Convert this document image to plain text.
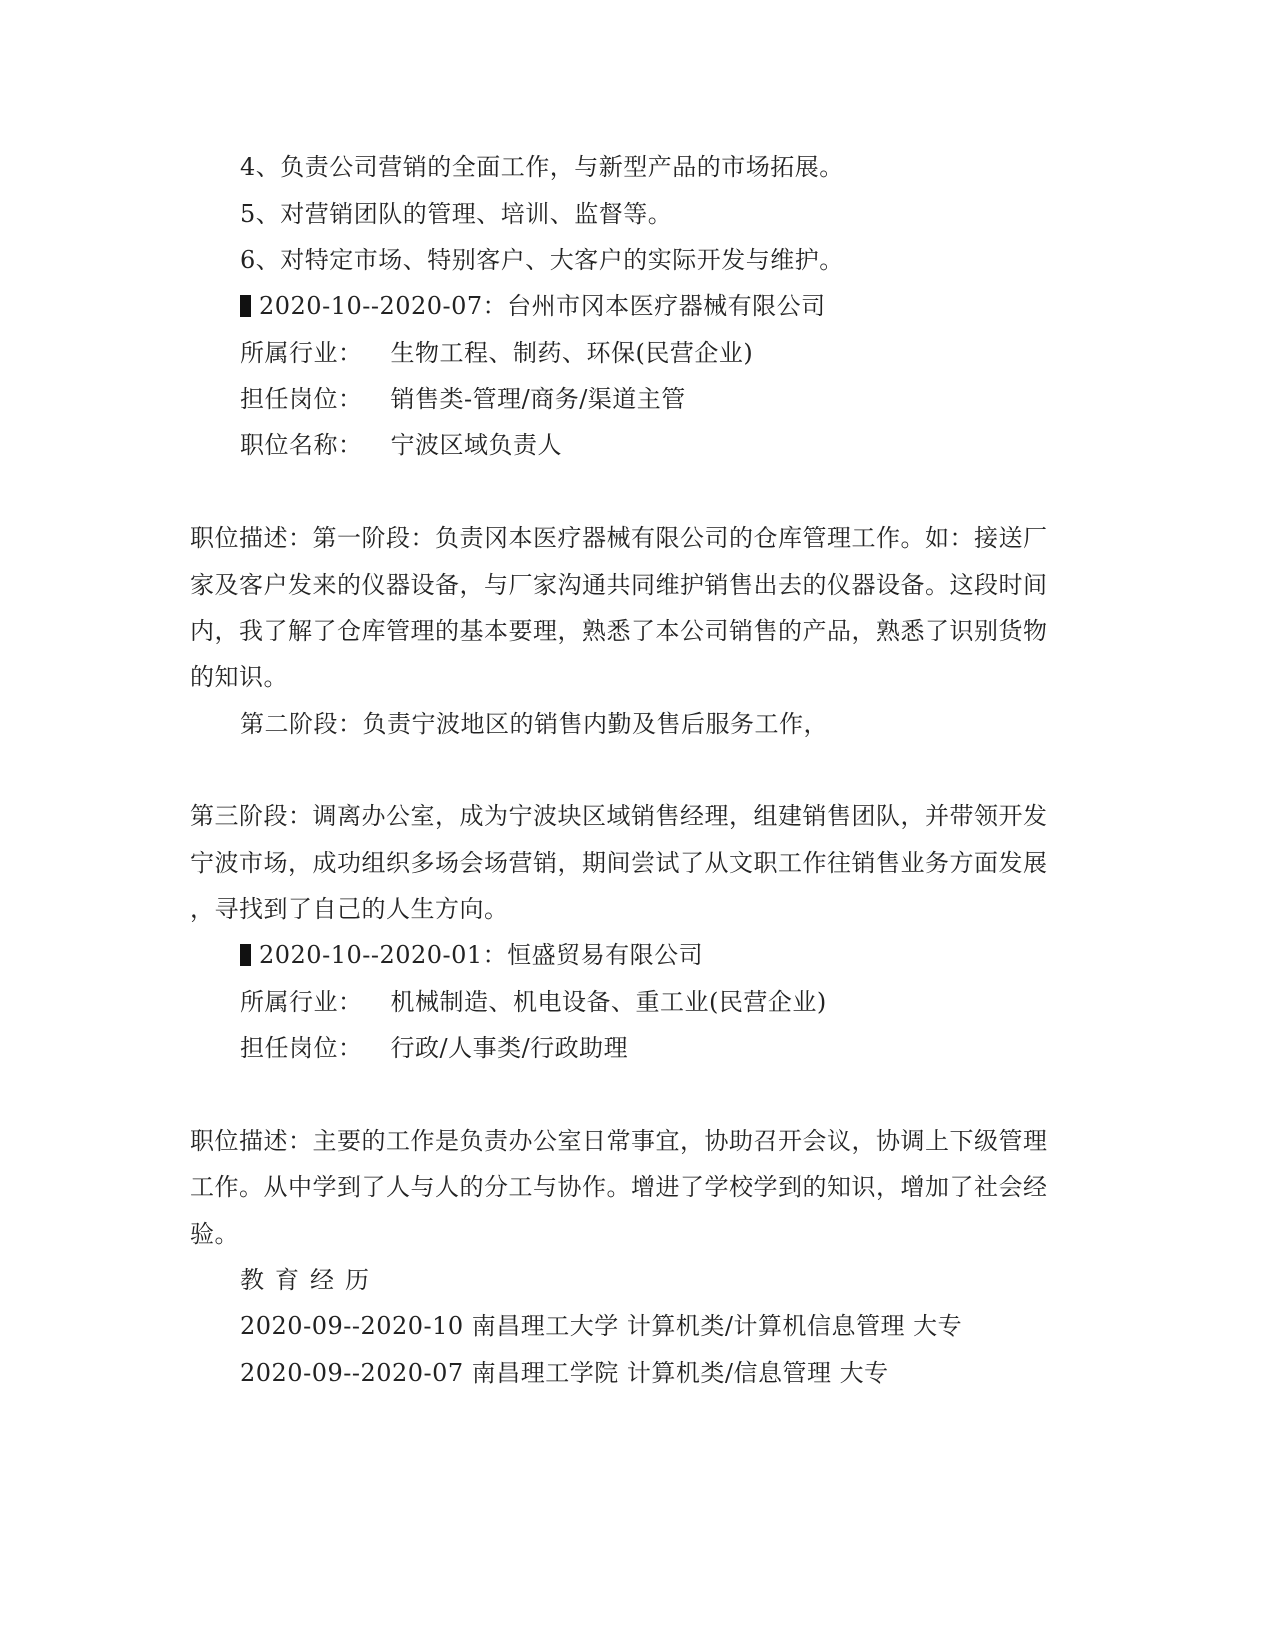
4、负责公司营销的全面工作，与新型产品的市场拓展。
5、对营销团队的管理、培训、监督等。
6、对特定市场、特别客户、大客户的实际开发与维护。
2020-10--2020-07：台州市冈本医疗器械有限公司
所属行业： 生物工程、制药、环保(民营企业)
担任岗位： 销售类-管理/商务/渠道主管
职位名称： 宁波区域负责人
职位描述：第一阶段：负责冈本医疗器械有限公司的仓库管理工作。如：接送厂
家及客户发来的仪器设备，与厂家沟通共同维护销售出去的仪器设备。这段时间
内，我了解了仓库管理的基本要理，熟悉了本公司销售的产品，熟悉了识别货物
的知识。
第二阶段：负责宁波地区的销售内勤及售后服务工作，
第三阶段：调离办公室，成为宁波块区域销售经理，组建销售团队，并带领开发
宁波市场，成功组织多场会场营销，期间尝试了从文职工作往销售业务方面发展
，寻找到了自己的人生方向。
2020-10--2020-01：恒盛贸易有限公司
所属行业： 机械制造、机电设备、重工业(民营企业)
担任岗位： 行政/人事类/行政助理
职位描述：主要的工作是负责办公室日常事宜，协助召开会议，协调上下级管理
工作。从中学到了人与人的分工与协作。增进了学校学到的知识，增加了社会经
验。
教育经历
2020-09--2020-10 南昌理工大学 计算机类/计算机信息管理 大专
2020-09--2020-07 南昌理工学院 计算机类/信息管理 大专
